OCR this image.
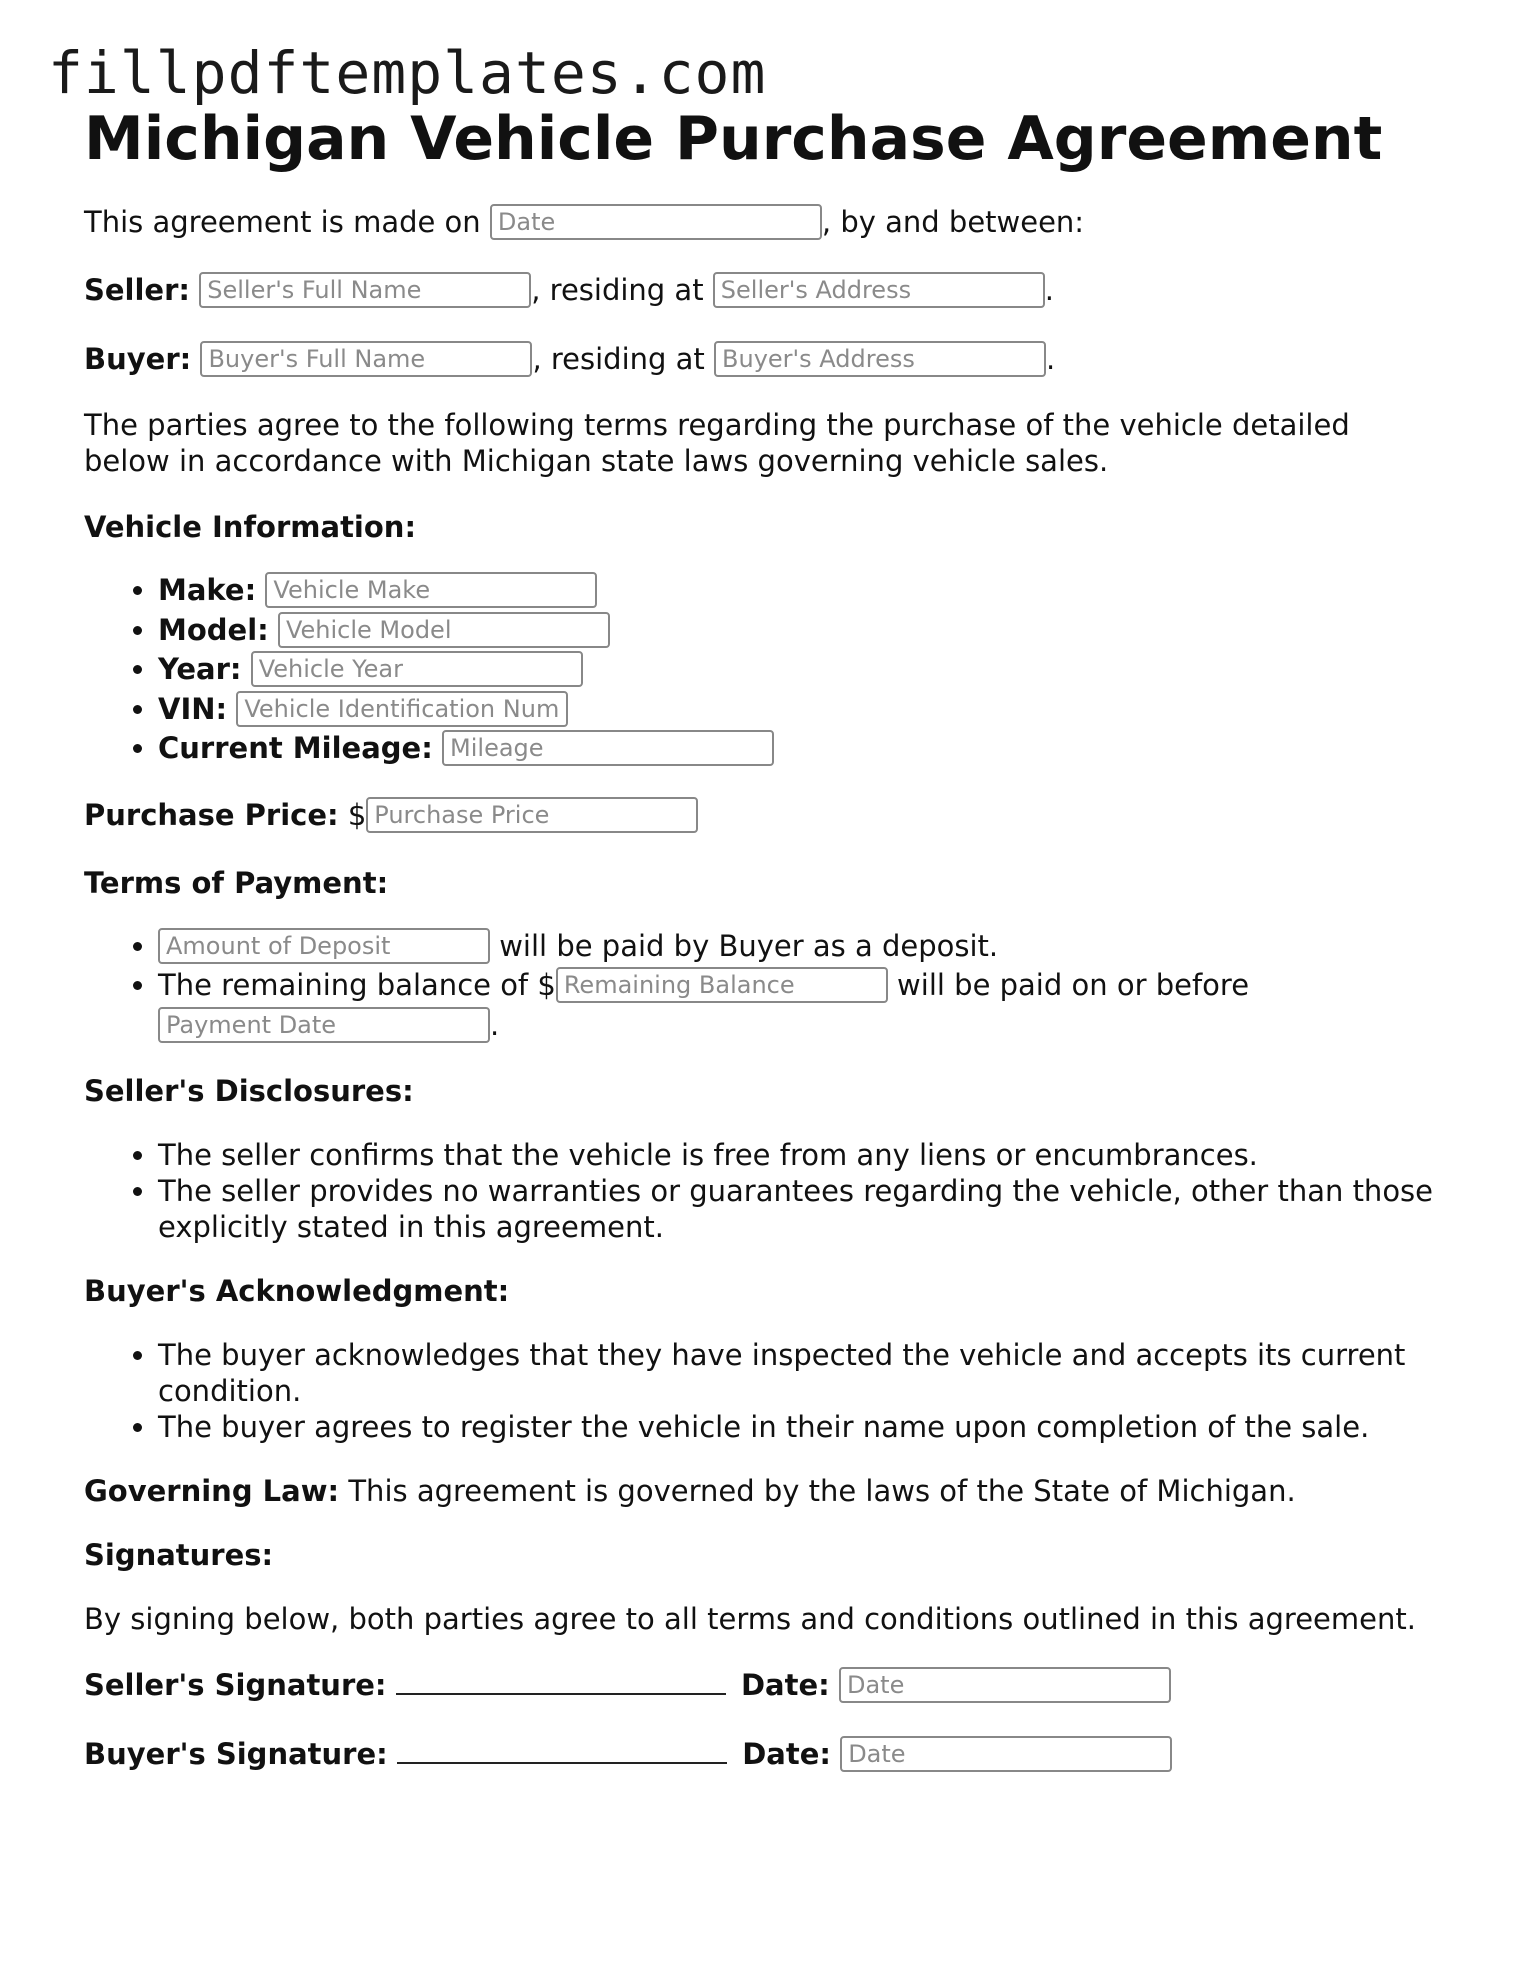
fillpdftemplates.com
Michigan Vehicle Purchase Agreement
This agreement is made on Date	, by and between:
Seller: Seller's Full Name	, residing at Seller's Address	.
Buyer: Buyer's Full Name	, residing at Buyer's Address	.
The parties agree to the following terms regarding the purchase of the vehicle detailed below in accordance with Michigan state laws governing vehicle sales.
Vehicle Information:
• Make: Vehicle Make
• Model: Vehicle Model
• Year: Vehicle Year
• VIN: Vehicle Identification Num
• Current Mileage: Mileage
Purchase Price: $Purchase Price
Terms of Payment:
Amount of Deposit • will be paid by Buyer as a deposit.
• The remaining balance of $Remaining Balance	will be paid on or before
Payment Date.
Seller's Disclosures:
• The seller confirms that the vehicle is free from any liens or encumbrances.
• The seller provides no warranties or guarantees regarding the vehicle, other than those explicitly stated in this agreement.
Buyer's Acknowledgment:
• The buyer acknowledges that they have inspected the vehicle and accepts its current condition.
• The buyer agrees to register the vehicle in their name upon completion of the sale.
Governing Law: This agreement is governed by the laws of the State of Michigan.
Signatures:
By signing below, both parties agree to all terms and conditions outlined in this agreement.
Seller's Signature:	Date: Date
Buyer's Signature:	Date: Date
